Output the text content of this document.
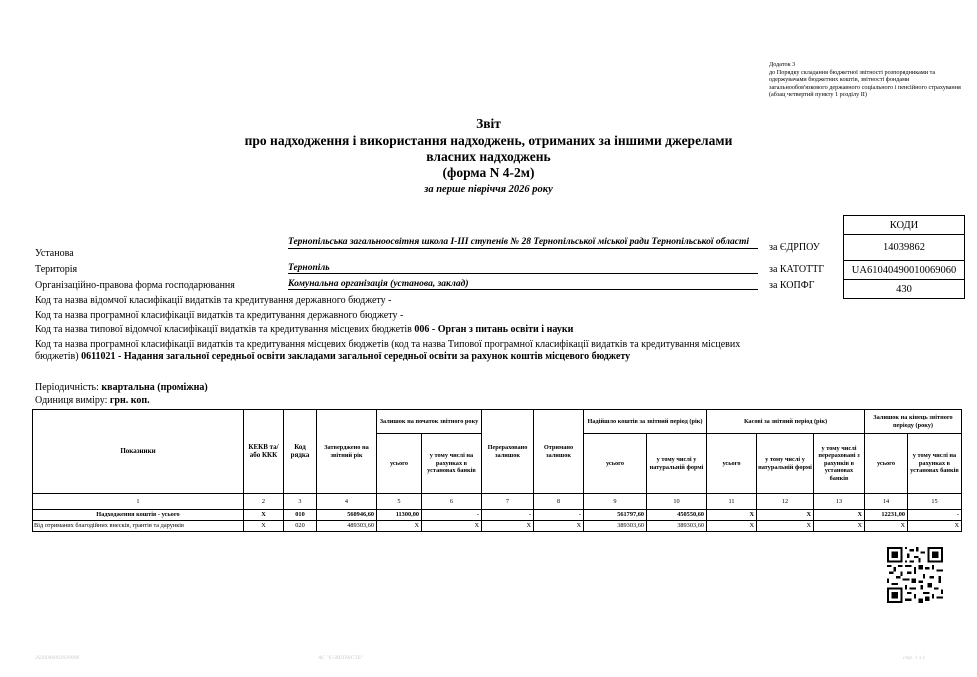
Додаток 3
до Порядку складання бюджетної звітності розпорядниками та одержувачами бюджетних коштів, звітності фондами загальнообов'язкового державного соціального і пенсійного страхування
(абзац четвертий пункту 1 розділу II)
Звіт
про надходження і використання надходжень, отриманих за іншими джерелами
власних надходжень
(форма N 4-2м)
за перше півріччя 2026 року
КОДИ
14039862
UA61040490010069060
430
за ЄДРПОУ
за КАТОТТГ
за КОПФГ
Установа
Тернопільська загальноосвітня школа І-ІІІ ступенів № 28 Тернопільської міської ради Тернопільської області
Територія	Тернопіль
Організаційно-правова форма господарювання	Комунальна організація (установа, заклад)
Код та назва відомчої класифікації видатків та кредитування державного бюджету -
Код та назва програмної класифікації видатків та кредитування державного бюджету -
Код та назва типової відомчої класифікації видатків та кредитування місцевих бюджетів 006 - Орган з питань освіти і науки
Код та назва програмної класифікації видатків та кредитування місцевих бюджетів (код та назва Типової програмної класифікації видатків та кредитування місцевих бюджетів) 0611021 - Надання загальної середньої освіти закладами загальної середньої освіти за рахунок коштів місцевого бюджету
Періодичність: квартальна (проміжна)
Одиниця виміру: грн. коп.
Показники	КЕКВ та/або ККК	Код рядка	Затверджено на звітний рік	Залишок на початок звітного року		Перераховано залишок	Отримано залишок	Надійшло коштів за звітний період (рік)		Касові за звітний період (рік)			Залишок на кінець звітного періоду (року)	
				усього	у тому числі на рахунках в установах банків			усього	у тому числі у натуральній формі	усього	у тому числі у натуральній формі	у тому числі перераховані з рахунків в установах банків	усього	у тому числі на рахунках в установах банків
1	2	3	4	5	6	7	8	9	10	11	12	13	14	15
Надходження коштів - усього	X	010	560946,60	11300,00	-	-	-	561797,60	450550,60	X	X	X	12231,00	-
Від отриманих благодійних внесків, грантів та дарунків	X	020	489303,60	X	X	X	X	389303,60	389303,60	X	X	X	X	X
2026040093939098	АС "Є-ЗВІТНІСТЬ"	стр. 1 з 1
